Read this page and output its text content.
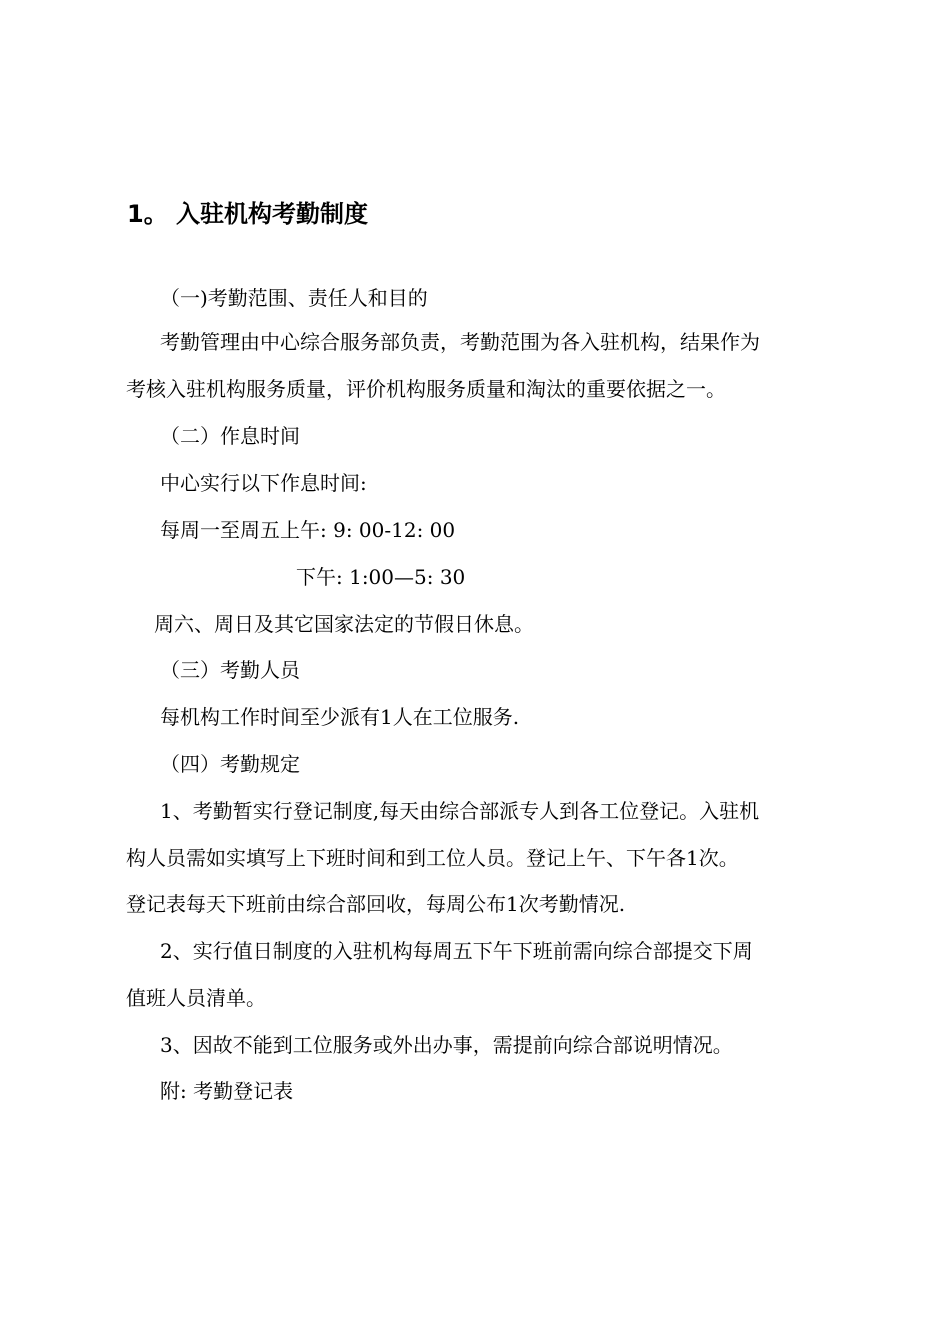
1。 入驻机构考勤制度
（一)考勤范围、责任人和目的
考勤管理由中心综合服务部负责，考勤范围为各入驻机构，结果作为
考核入驻机构服务质量，评价机构服务质量和淘汰的重要依据之一。
（二）作息时间
中心实行以下作息时间:
每周一至周五上午: 9: 00-12: 00
下午: 1:00—5: 30
周六、周日及其它国家法定的节假日休息。
（三）考勤人员
每机构工作时间至少派有1人在工位服务.
（四）考勤规定
1、考勤暂实行登记制度,每天由综合部派专人到各工位登记。入驻机
构人员需如实填写上下班时间和到工位人员。登记上午、下午各1次。
登记表每天下班前由综合部回收，每周公布1次考勤情况.
2、实行值日制度的入驻机构每周五下午下班前需向综合部提交下周
值班人员清单。
3、因故不能到工位服务或外出办事，需提前向综合部说明情况。
附: 考勤登记表
